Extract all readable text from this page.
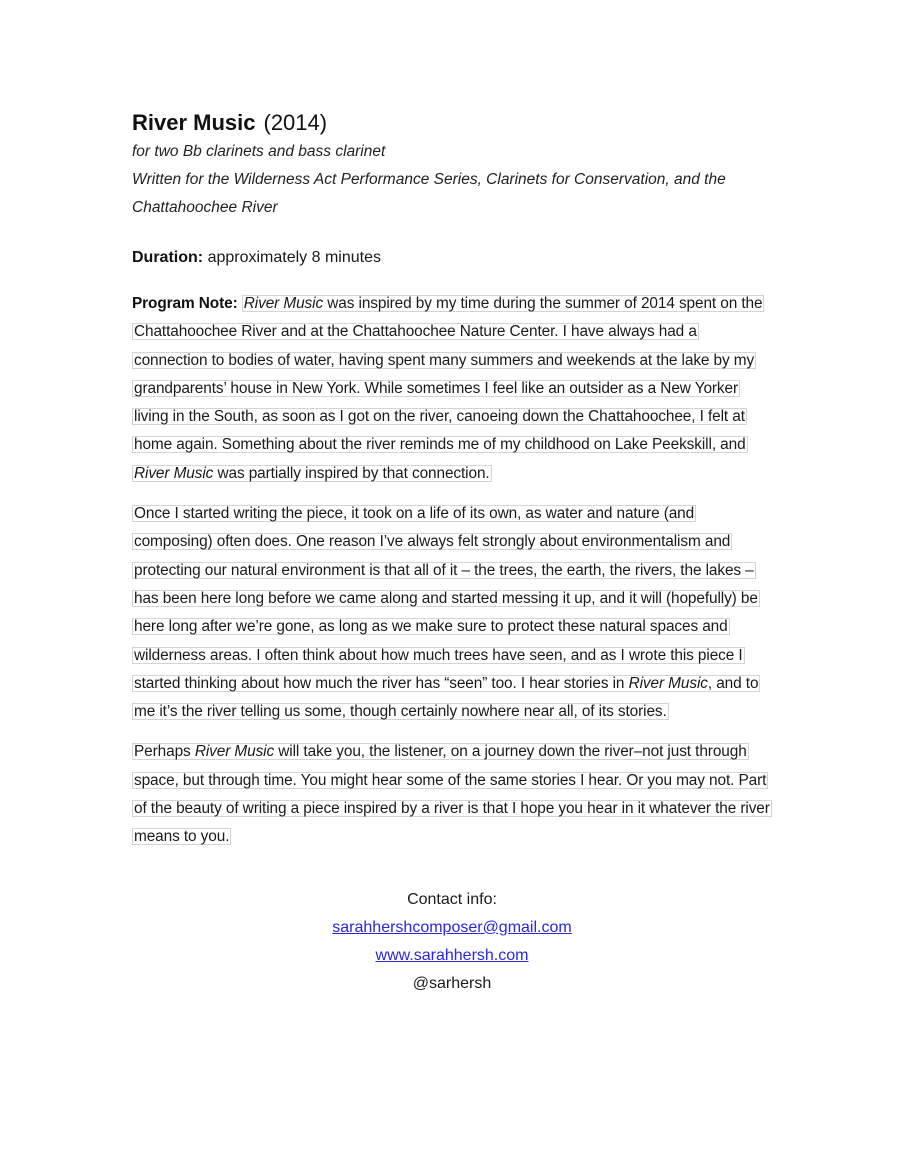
River Music (2014)
for two Bb clarinets and bass clarinet
Written for the Wilderness Act Performance Series, Clarinets for Conservation, and the Chattahoochee River
Duration: approximately 8 minutes
Program Note: River Music was inspired by my time during the summer of 2014 spent on the Chattahoochee River and at the Chattahoochee Nature Center. I have always had a connection to bodies of water, having spent many summers and weekends at the lake by my grandparents’ house in New York. While sometimes I feel like an outsider as a New Yorker living in the South, as soon as I got on the river, canoeing down the Chattahoochee, I felt at home again. Something about the river reminds me of my childhood on Lake Peekskill, and River Music was partially inspired by that connection.
Once I started writing the piece, it took on a life of its own, as water and nature (and composing) often does. One reason I’ve always felt strongly about environmentalism and protecting our natural environment is that all of it – the trees, the earth, the rivers, the lakes – has been here long before we came along and started messing it up, and it will (hopefully) be here long after we’re gone, as long as we make sure to protect these natural spaces and wilderness areas. I often think about how much trees have seen, and as I wrote this piece I started thinking about how much the river has “seen” too. I hear stories in River Music, and to me it’s the river telling us some, though certainly nowhere near all, of its stories.
Perhaps River Music will take you, the listener, on a journey down the river–not just through space, but through time. You might hear some of the same stories I hear. Or you may not. Part of the beauty of writing a piece inspired by a river is that I hope you hear in it whatever the river means to you.
Contact info:
sarahhershcomposer@gmail.com
www.sarahhersh.com
@sarhersh
